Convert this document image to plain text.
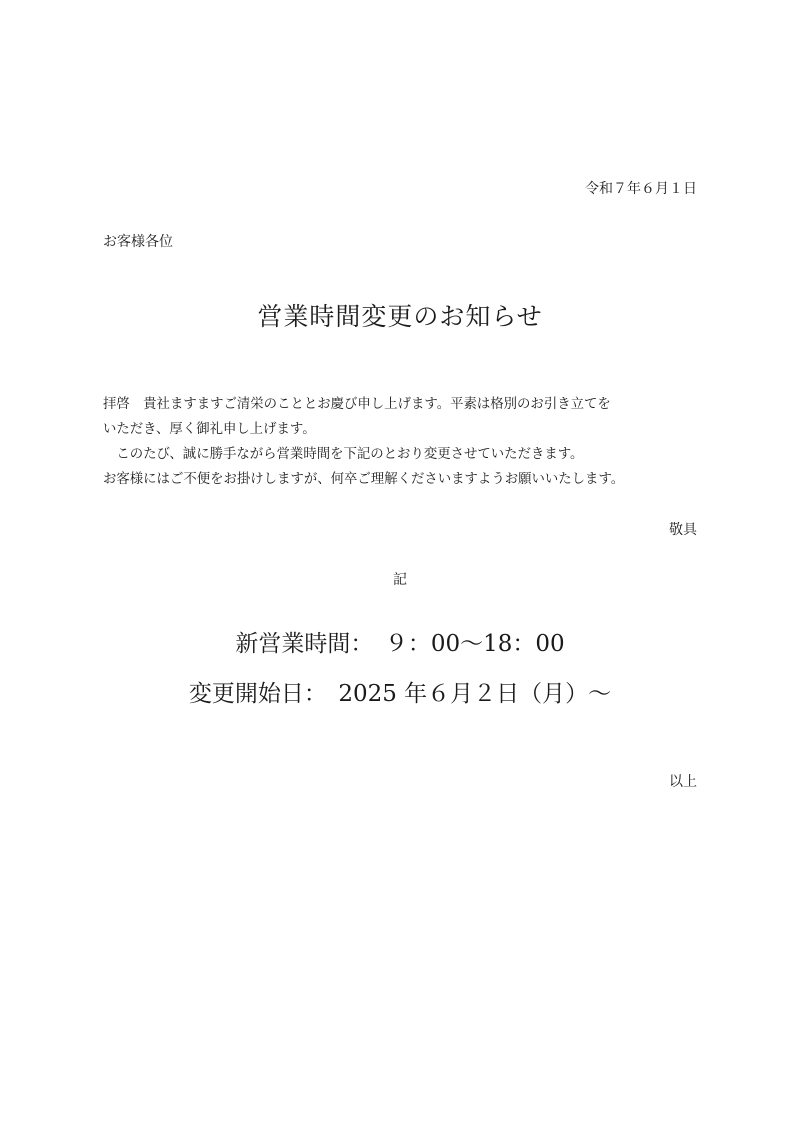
令和７年６月１日
お客様各位
営業時間変更のお知らせ
拝啓　貴社ますますご清栄のこととお慶び申し上げます。平素は格別のお引き立てを
いただき、厚く御礼申し上げます。
　このたび、誠に勝手ながら営業時間を下記のとおり変更させていただきます。
お客様にはご不便をお掛けしますが、何卒ご理解くださいますようお願いいたします。
敬具
記
新営業時間：　９：00〜18：00
変更開始日：　2025 年６月２日（月）〜
以上
